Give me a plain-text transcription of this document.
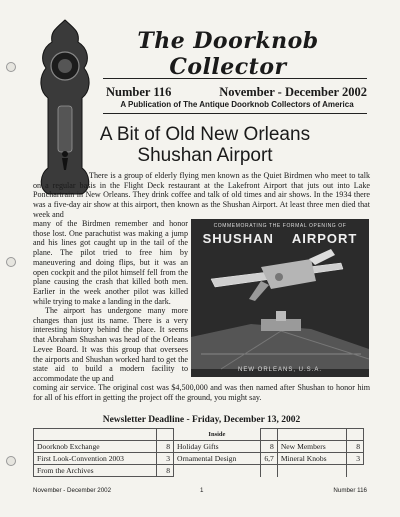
The Doorknob Collector
Number 116	November - December 2002
A Publication of The Antique Doorknob Collectors of America
A Bit of Old New Orleans
Shushan Airport
There is a group of elderly flying men known as the Quiet Birdmen who meet to talk on a regular basis in the Flight Deck restaurant at the Lakefront Airport that juts out into Lake Ponchartrain in New Orleans. They drink coffee and talk of old times and air shows. In the 1934 there was a five-day air show at this airport, then known as the Shushan Airport. At least three men died that week and
many of the Birdmen remember and honor those lost. One parachutist was making a jump and his lines got caught up in the tail of the plane. The pilot tried to free him by maneuvering and doing flips, but it was an open cockpit and the pilot himself fell from the plane causing the crash that killed both men. Earlier in the week another pilot was killed while trying to make a landing in the dark.
The airport has undergone many more changes than just its name. There is a very interesting history behind the place. It seems that Abraham Shushan was head of the Orleans Levee Board. It was this group that oversees the airports and Shushan worked hard to get the state aid to build a modern facility to accommodate the up and
COMMEMORATING THE FORMAL OPENING OF
SHUSHAN AIRPORT
NEW ORLEANS, U.S.A.
coming air service. The original cost was $4,500,000 and was then named after Shushan to honor him for all of his effort in getting the project off the ground, you might say.
Newsletter Deadline - Friday, December 13, 2002
		Inside			
Doorknob Exchange	8	Holiday Gifts	8	New Members	8
First Look-Convention 2003	3	Ornamental Design	6,7	Mineral Knobs	3
From the Archives	8				
November - December 2002	1	Number 116
